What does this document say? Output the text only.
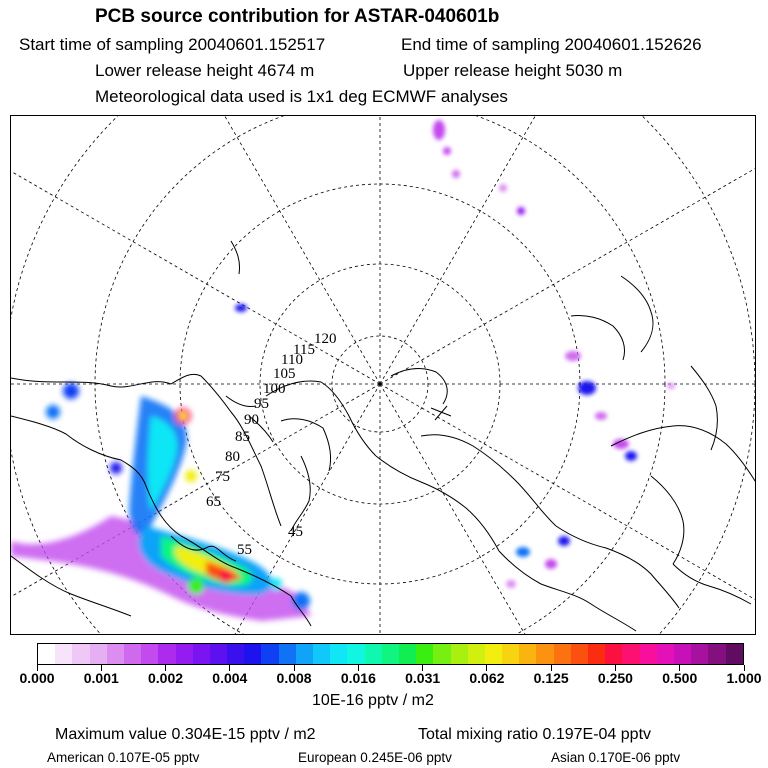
PCB source contribution for ASTAR-040601b
Start time of sampling 20040601.152517	End time of sampling 20040601.152626
Lower release height 4674 m	Upper release height 5030 m
Meteorological data used is 1x1 deg ECMWF analyses
120
115
110
105
100
95
90
85
80
75
65
55
45
0.000 0.001 0.002 0.004 0.008 0.016 0.031 0.062 0.125 0.250 0.500 1.000
10E-16 pptv / m2
Maximum value 0.304E-15 pptv / m2	Total mixing ratio 0.197E-04 pptv
American 0.107E-05 pptv	European 0.245E-06 pptv	Asian 0.170E-06 pptv
